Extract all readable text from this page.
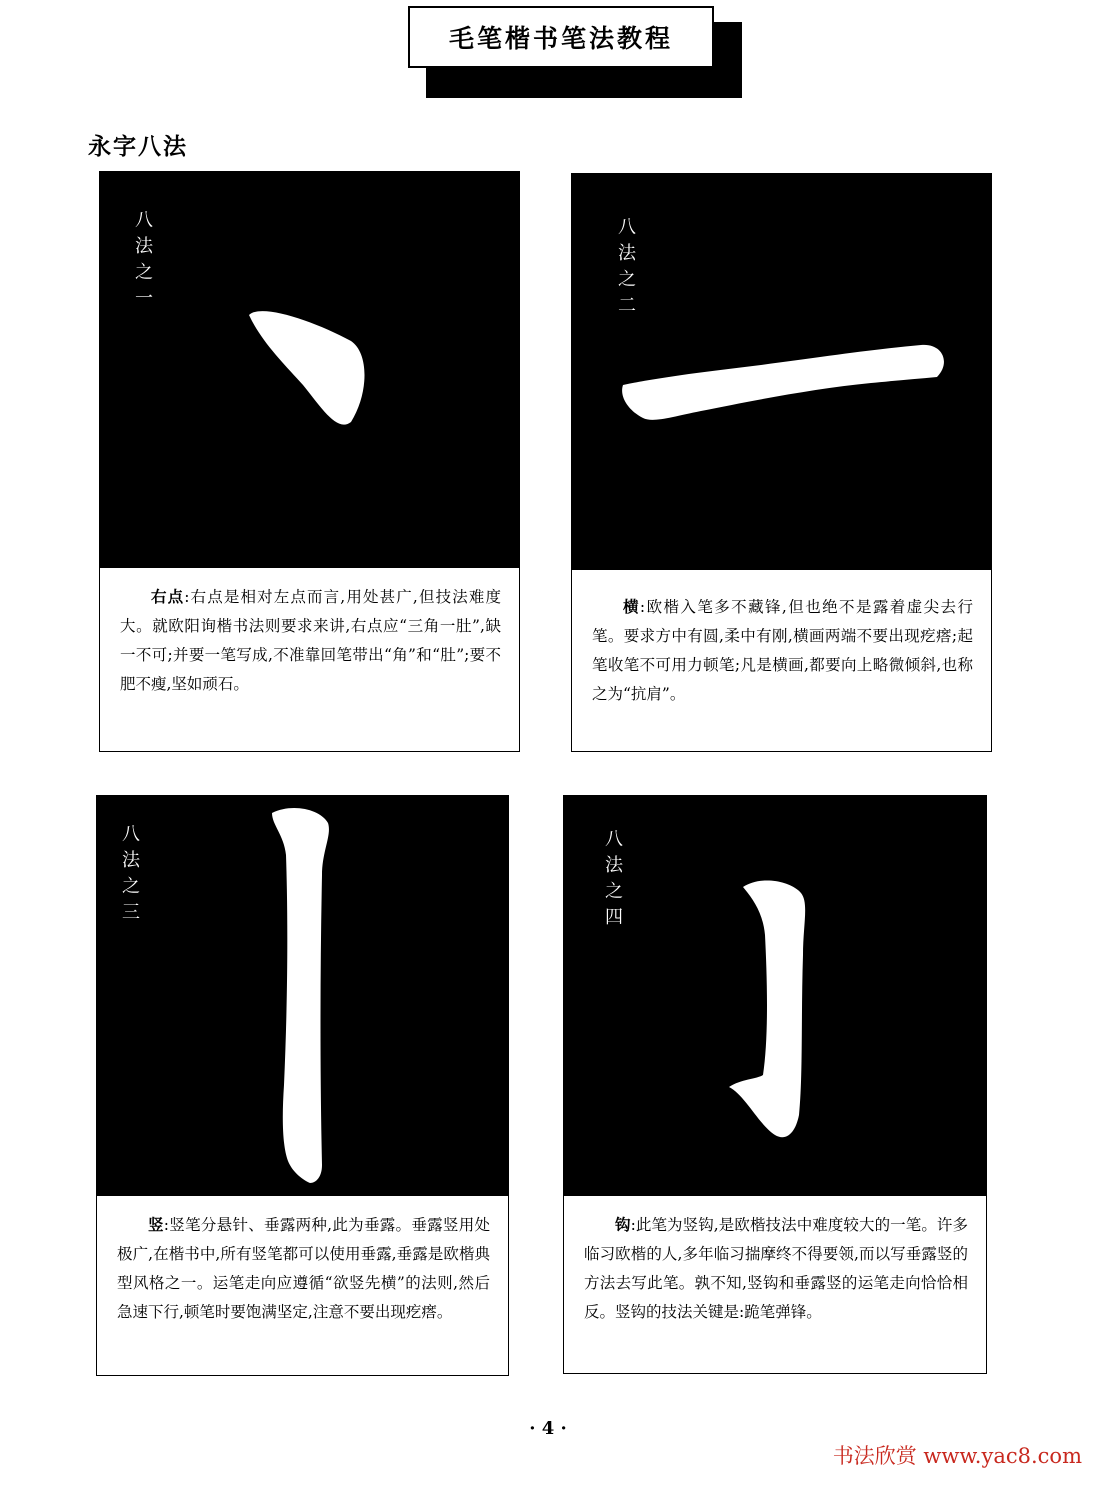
毛笔楷书笔法教程
永字八法
八法之一
右点:右点是相对左点而言,用处甚广,但技法难度大。就欧阳询楷书法则要求来讲,右点应“三角一肚”,缺一不可;并要一笔写成,不准靠回笔带出“角”和“肚”;要不肥不瘦,坚如顽石。
八法之二
横:欧楷入笔多不藏锋,但也绝不是露着虚尖去行笔。要求方中有圆,柔中有刚,横画两端不要出现疙瘩;起笔收笔不可用力顿笔;凡是横画,都要向上略微倾斜,也称之为“抗肩”。
八法之三
竖:竖笔分悬针、垂露两种,此为垂露。垂露竖用处极广,在楷书中,所有竖笔都可以使用垂露,垂露是欧楷典型风格之一。运笔走向应遵循“欲竖先横”的法则,然后急速下行,顿笔时要饱满坚定,注意不要出现疙瘩。
八法之四
钩:此笔为竖钩,是欧楷技法中难度较大的一笔。许多临习欧楷的人,多年临习揣摩终不得要领,而以写垂露竖的方法去写此笔。孰不知,竖钩和垂露竖的运笔走向恰恰相反。竖钩的技法关键是:跪笔弹锋。
· 4 ·
书法欣赏 www.yac8.com
